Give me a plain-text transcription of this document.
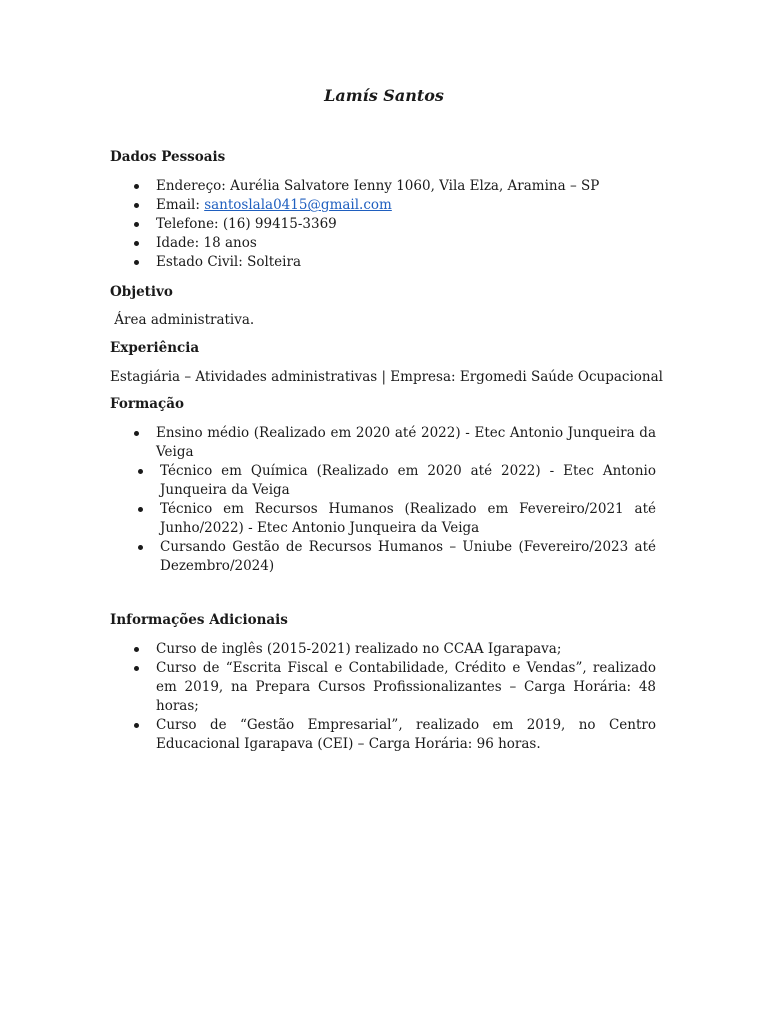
Lamís Santos
Dados Pessoais
Endereço: Aurélia Salvatore Ienny 1060, Vila Elza, Aramina – SP
Email: santoslala0415@gmail.com
Telefone: (16) 99415-3369
Idade: 18 anos
Estado Civil: Solteira
Objetivo
Área administrativa.
Experiência
Estagiária – Atividades administrativas | Empresa: Ergomedi Saúde Ocupacional
Formação
Ensino médio (Realizado em 2020 até 2022) - Etec Antonio Junqueira da Veiga
Técnico em Química (Realizado em 2020 até 2022) - Etec Antonio Junqueira da Veiga
Técnico em Recursos Humanos (Realizado em Fevereiro/2021 até Junho/2022) - Etec Antonio Junqueira da Veiga
Cursando Gestão de Recursos Humanos – Uniube (Fevereiro/2023 até Dezembro/2024)
Informações Adicionais
Curso de inglês (2015-2021) realizado no CCAA Igarapava;
Curso de “Escrita Fiscal e Contabilidade, Crédito e Vendas”, realizado em 2019, na Prepara Cursos Profissionalizantes – Carga Horária: 48 horas;
Curso de “Gestão Empresarial”, realizado em 2019, no Centro Educacional Igarapava (CEI) – Carga Horária: 96 horas.
